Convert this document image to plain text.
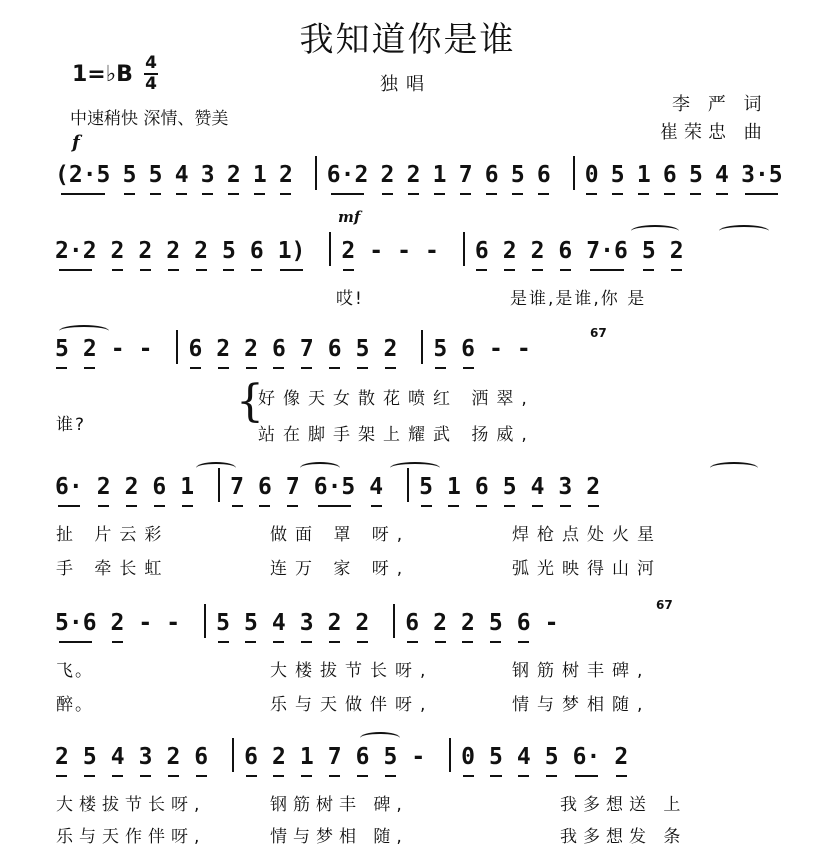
我知道你是谁
独唱
1=♭B 4
4
中速稍快 深情、赞美
李 严 词
崔荣忠 曲
f
mf
(2·5 5 5 4 3 2 1 2 6·2 2 2 1 7 6 5 6 0 5 1 6 5 4 3·5
2·2 2 2 2 2 5 6 1) 2 - - - 6 2 2 6 7·6 5 2
5 2 - - 6 2 2 6 7 6 5 2 5 6 - -
6· 2 2 6 1 7 6 7 6·5 4 5 1 6 5 4 3 2
5·6 2 - - 5 5 4 3 2 2 6 2 2 5 6 -
2 5 4 3 2 6 6 2 1 7 6 5 - 0 5 4 5 6· 2
67
67
哎!	是谁,是谁,你 是
谁?	{
好像天女散花喷红 洒翠,
站在脚手架上耀武 扬威,
扯 片云彩	做面 罩 呀,	焊枪点处火星
手 牵长虹	连万 家 呀,	弧光映得山河
飞。	大楼拔节长呀,	钢筋树丰碑,
醉。	乐与天做伴呀,	情与梦相随,
大楼拔节长呀,	钢筋树丰 碑,	我多想送 上
乐与天作伴呀,	情与梦相 随,	我多想发 条
